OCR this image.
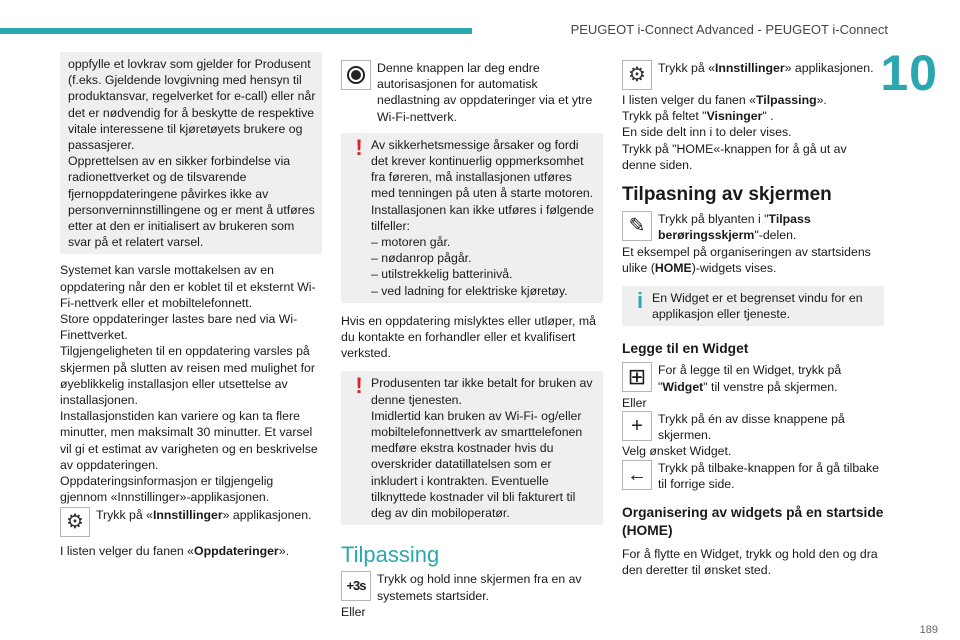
PEUGEOT i-Connect Advanced - PEUGEOT i-Connect
10

oppfylle et lovkrav som gjelder for Produsent (f.eks. Gjeldende lovgivning med hensyn til produktansvar, regelverket for e-call) eller når det er nødvendig for å beskytte de respektive vitale interessene til kjøretøyets brukere og passasjerer.
Opprettelsen av en sikker forbindelse via radionettverket og de tilsvarende fjernoppdateringene påvirkes ikke av personverninnstillingene og er ment å utføres etter at den er initialisert av brukeren som svar på et relatert varsel.

Systemet kan varsle mottakelsen av en oppdatering når den er koblet til et eksternt Wi-Fi-nettverk eller et mobiltelefonnett.
Store oppdateringer lastes bare ned via Wi-Finettverket.
Tilgjengeligheten til en oppdatering varsles på skjermen på slutten av reisen med mulighet for øyeblikkelig installasjon eller utsettelse av installasjonen.
Installasjonstiden kan variere og kan ta flere minutter, men maksimalt 30 minutter. Et varsel vil gi et estimat av varigheten og en beskrivelse av oppdateringen.
Oppdateringsinformasjon er tilgjengelig gjennom «Innstillinger»-applikasjonen.

⚙

Trykk på «Innstillinger» applikasjonen.

I listen velger du fanen «Oppdateringer».

Denne knappen lar deg endre autorisasjonen for automatisk nedlastning av oppdateringer via et ytre Wi-Fi-nettverk.

! Av sikkerhetsmessige årsaker og fordi det krever kontinuerlig oppmerksomhet fra føreren, må installasjonen utføres med tenningen på uten å starte motoren.
Installasjonen kan ikke utføres i følgende tilfeller:
– motoren går.
– nødanrop pågår.
– utilstrekkelig batterinivå.
– ved ladning for elektriske kjøretøy.

Hvis en oppdatering mislyktes eller utløper, må du kontakte en forhandler eller et kvalifisert verksted.

! Produsenten tar ikke betalt for bruken av denne tjenesten.
Imidlertid kan bruken av Wi-Fi- og/eller mobiltelefonnettverk av smarttelefonen medføre ekstra kostnader hvis du overskrider datatillatelsen som er inkludert i kontrakten. Eventuelle tilknyttede kostnader vil bli fakturert til deg av din mobiloperatør.

Tilpassing

+3s Trykk og hold inne skjermen fra en av systemets startsider.

Eller

⚙

Trykk på «Innstillinger» applikasjonen.

I listen velger du fanen «Tilpassing».

Trykk på feltet "Visninger" .

En side delt inn i to deler vises.

Trykk på "HOME«-knappen for å gå ut av denne siden.

Tilpasning av skjermen
✎

Trykk på blyanten i "Tilpass berøringsskjerm"-delen.

Et eksempel på organiseringen av startsidens ulike (HOME)-widgets vises.

i En Widget er et begrenset vindu for en applikasjon eller tjeneste.

Legge til en Widget
⊞

For å legge til en Widget, trykk på "Widget" til venstre på skjermen.

Eller

+

Trykk på én av disse knappene på skjermen.

Velg ønsket Widget.

←

Trykk på tilbake-knappen for å gå tilbake til forrige side.

Organisering av widgets på en startside (HOME)

For å flytte en Widget, trykk og hold den og dra den deretter til ønsket sted.

189
